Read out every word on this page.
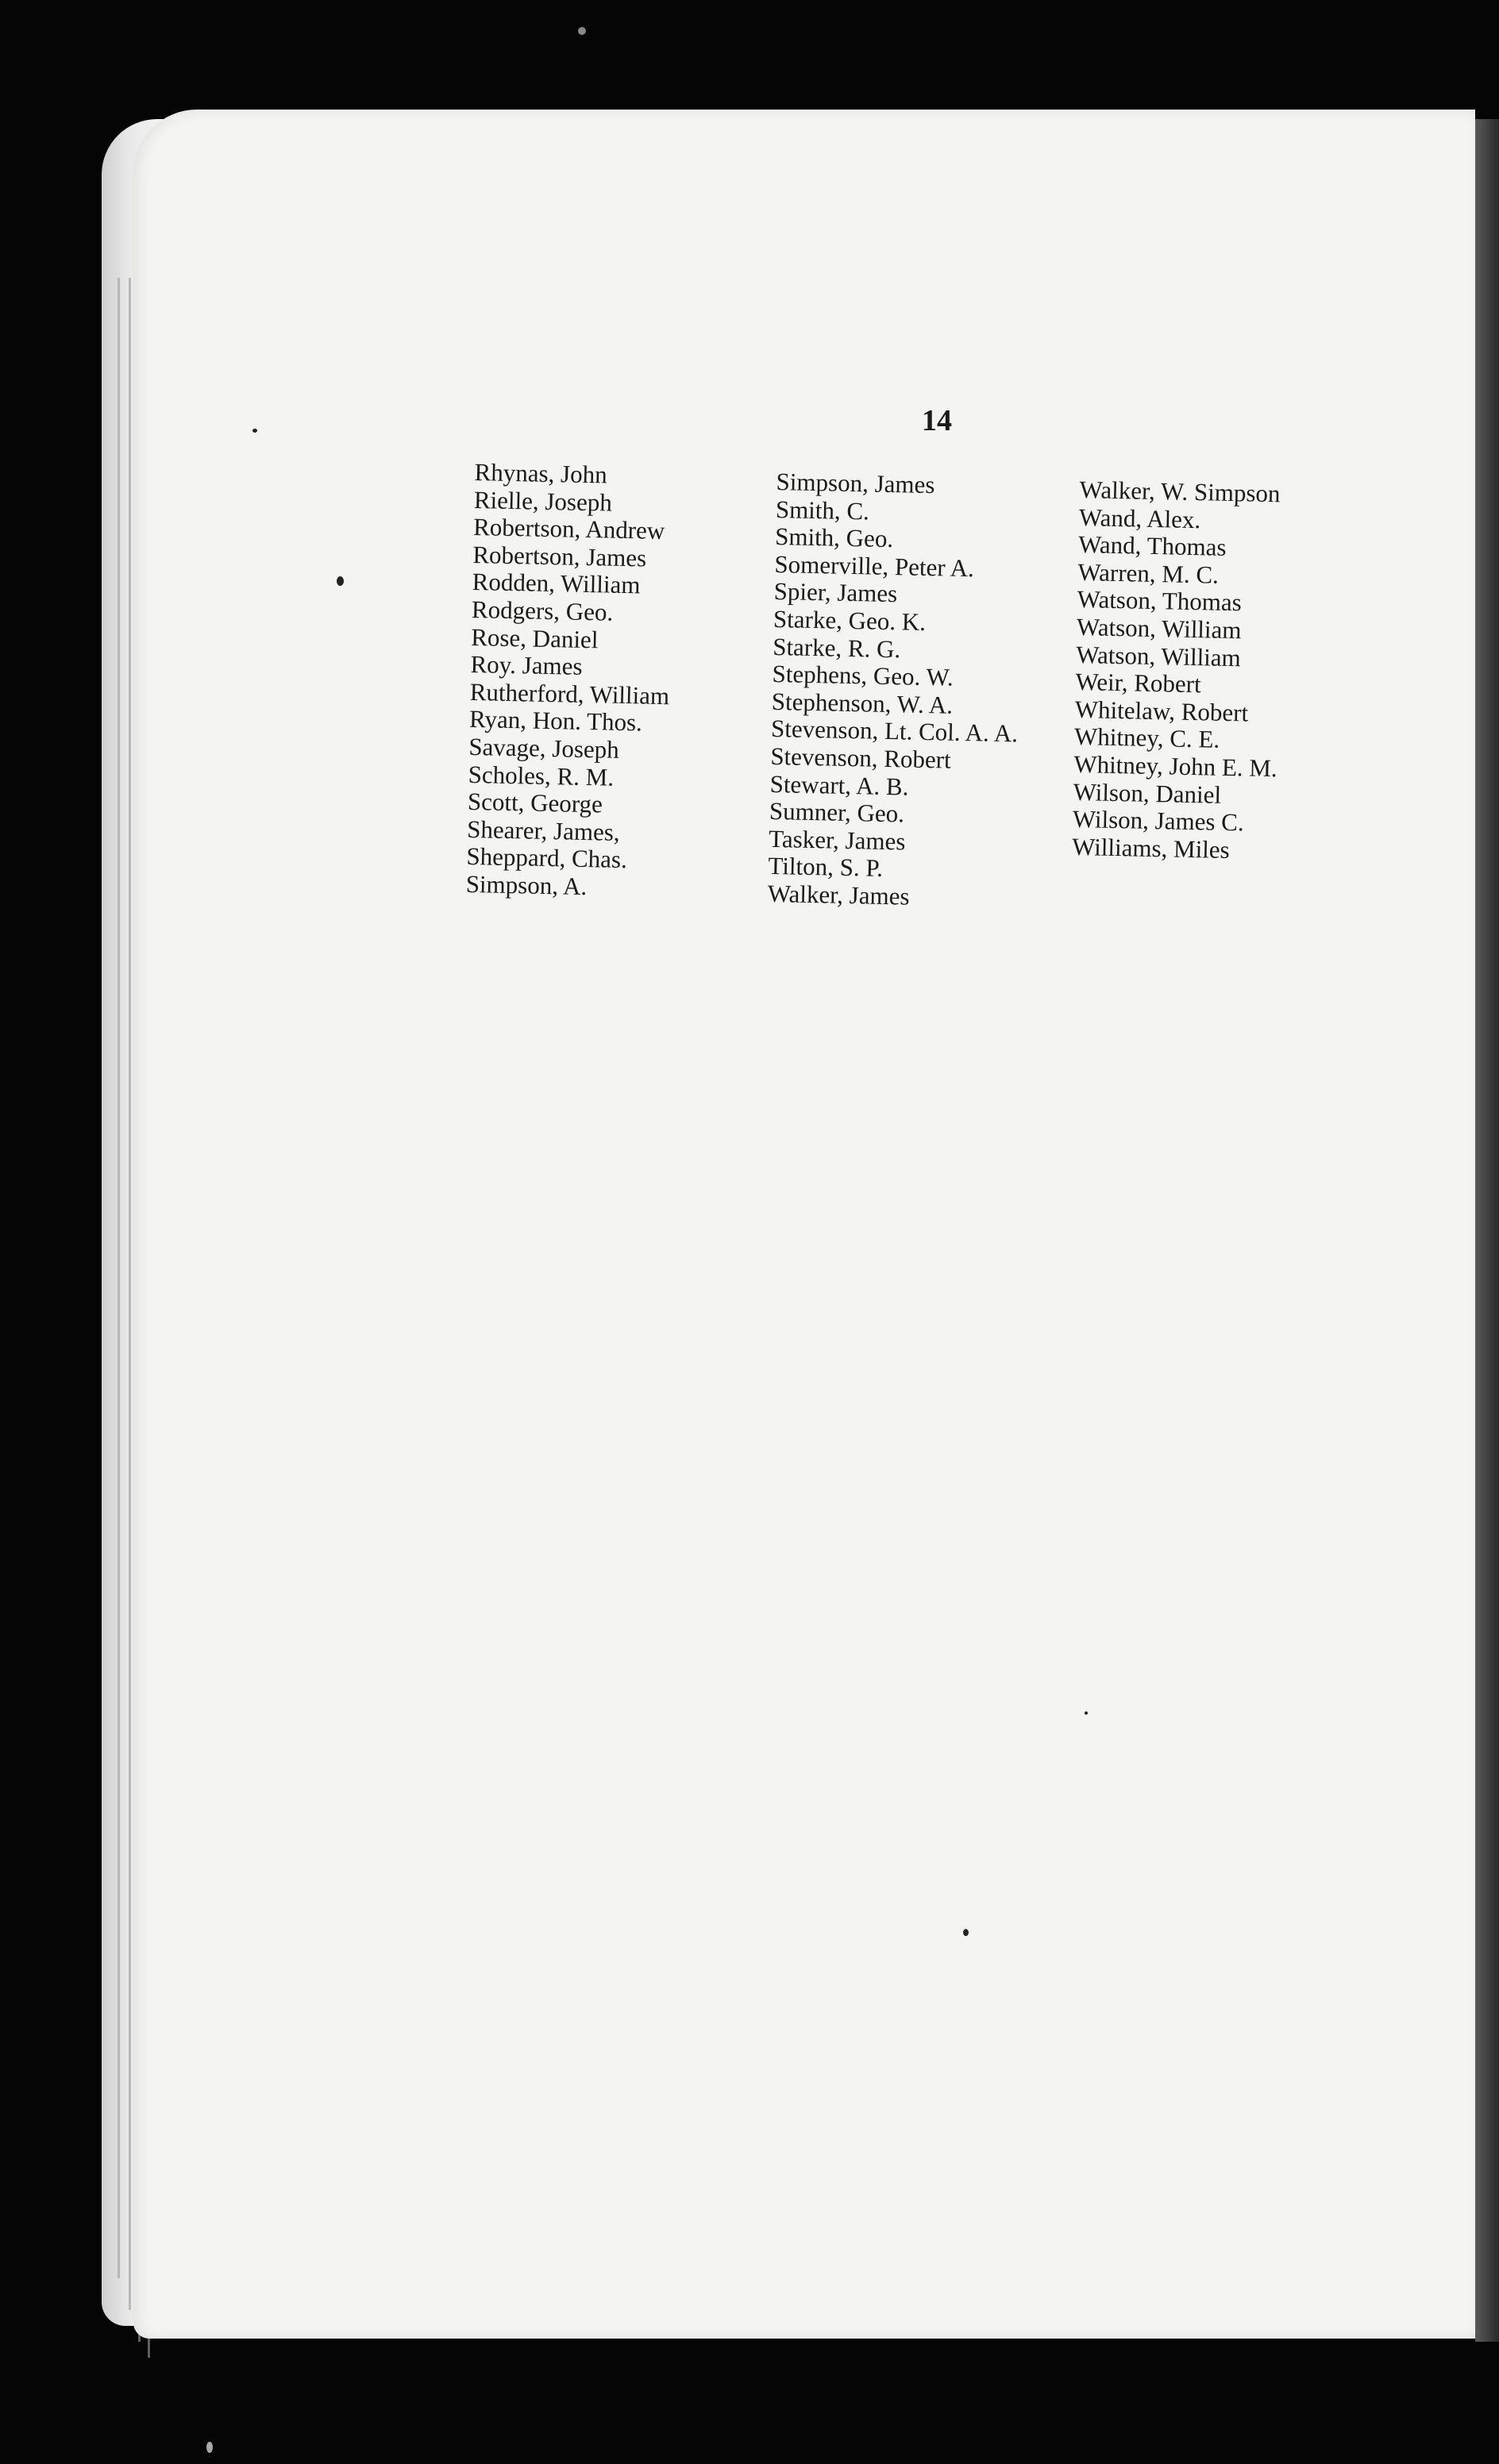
14
Rhynas, John
Rielle, Joseph
Robertson, Andrew
Robertson, James
Rodden, William
Rodgers, Geo.
Rose, Daniel
Roy. James
Rutherford, William
Ryan, Hon. Thos.
Savage, Joseph
Scholes, R. M.
Scott, George
Shearer, James,
Sheppard, Chas.
Simpson, A.
Simpson, James
Smith, C.
Smith, Geo.
Somerville, Peter A.
Spier, James
Starke, Geo. K.
Starke, R. G.
Stephens, Geo. W.
Stephenson, W. A.
Stevenson, Lt. Col. A. A.
Stevenson, Robert
Stewart, A. B.
Sumner, Geo.
Tasker, James
Tilton, S. P.
Walker, James
Walker, W. Simpson
Wand, Alex.
Wand, Thomas
Warren, M. C.
Watson, Thomas
Watson, William
Watson, William
Weir, Robert
Whitelaw, Robert
Whitney, C. E.
Whitney, John E. M.
Wilson, Daniel
Wilson, James C.
Williams, Miles
